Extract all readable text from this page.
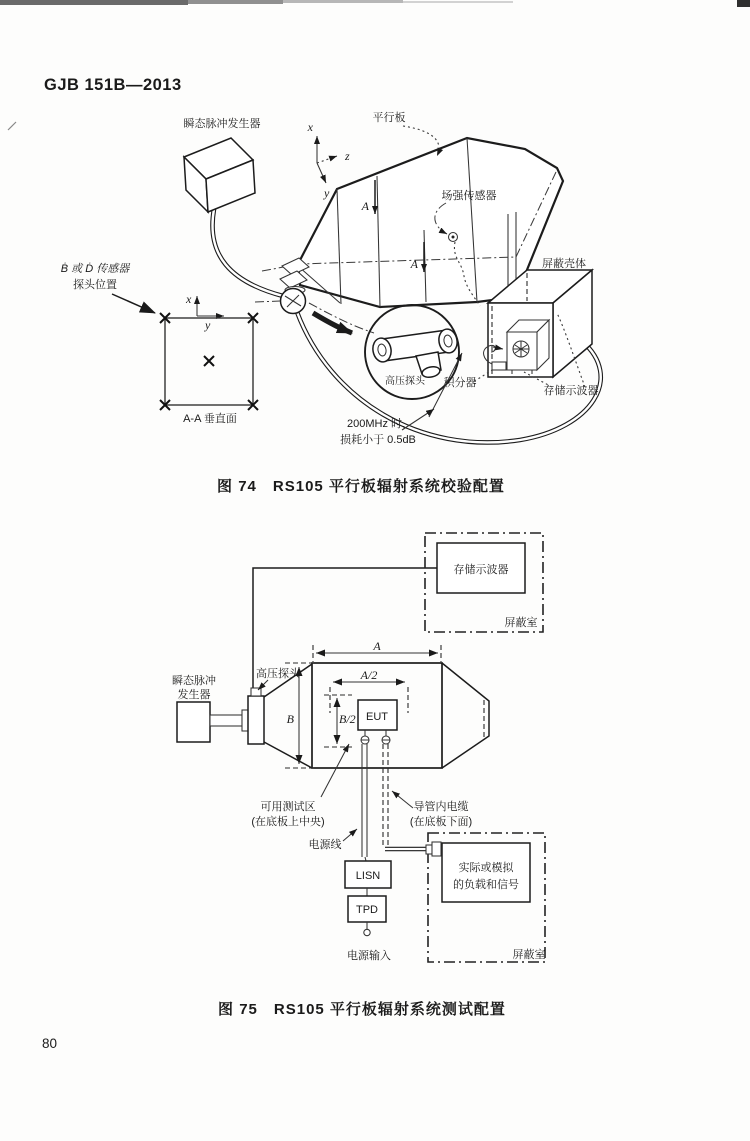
GJB 151B—2013
图 74　RS105 平行板辐射系统校验配置
图 75　RS105 平行板辐射系统测试配置
80
瞬态脉冲发生器	x
z
y
A
A
平行板
场强传感器
屏蔽壳体
积分器
存储示波器
高压探头
200MHz 时，
损耗小于 0.5dB
Ḃ 或 Ḋ 传感器
探头位置
x
y
A-A 垂直面
存储示波器
屏蔽室
瞬态脉冲
发生器
高压探头
A
A/2
B	B/2 EUT
实际或模拟
的负载和信号
屏蔽室
可用测试区
(在底板上中央)
导管内电缆
(在底板下面)
电源线
LISN
TPD
电源输入
